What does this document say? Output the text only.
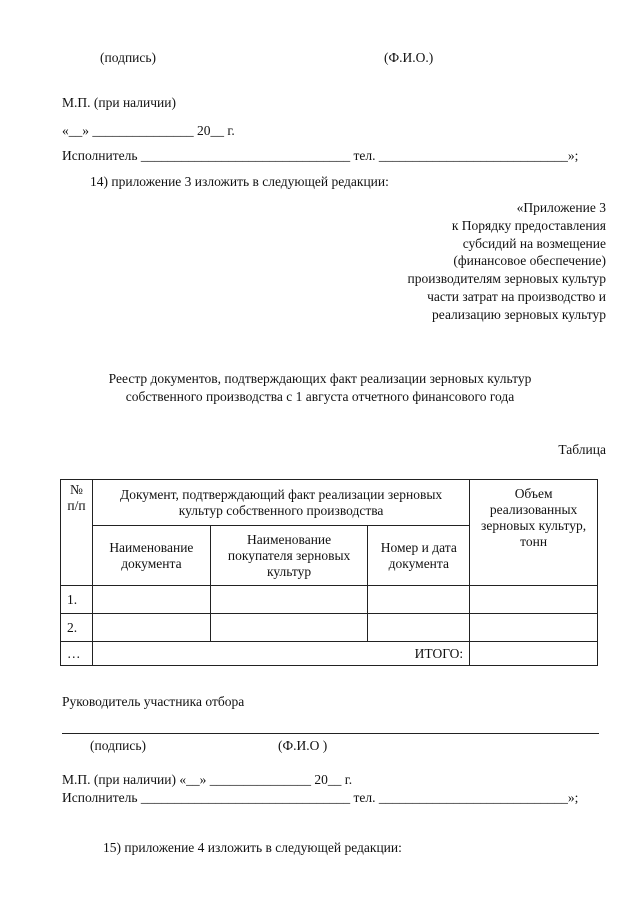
(подпись)	(Ф.И.О.)
М.П. (при наличии)
«__» _______________ 20__ г.
Исполнитель _______________________________ тел. ____________________________»;
14) приложение 3 изложить в следующей редакции:
«Приложение 3
к Порядку предоставления
субсидий на возмещение
(финансовое обеспечение)
производителям зерновых культур
части затрат на производство и
реализацию зерновых культур
Реестр документов, подтверждающих факт реализации зерновых культур
собственного производства с 1 августа отчетного финансового года
Таблица
№ п/п	Документ, подтверждающий факт реализации зерновых культур собственного производства			Объем реализованных зерновых культур, тонн
	Наименование документа	Наименование покупателя зерновых культур	Номер и дата документа	
1.				
2.				
…	ИТОГО:			
Руководитель участника отбора
(подпись)	(Ф.И.О )
М.П. (при наличии) «__» _______________ 20__ г.
Исполнитель _______________________________ тел. ____________________________»;
15) приложение 4 изложить в следующей редакции:
